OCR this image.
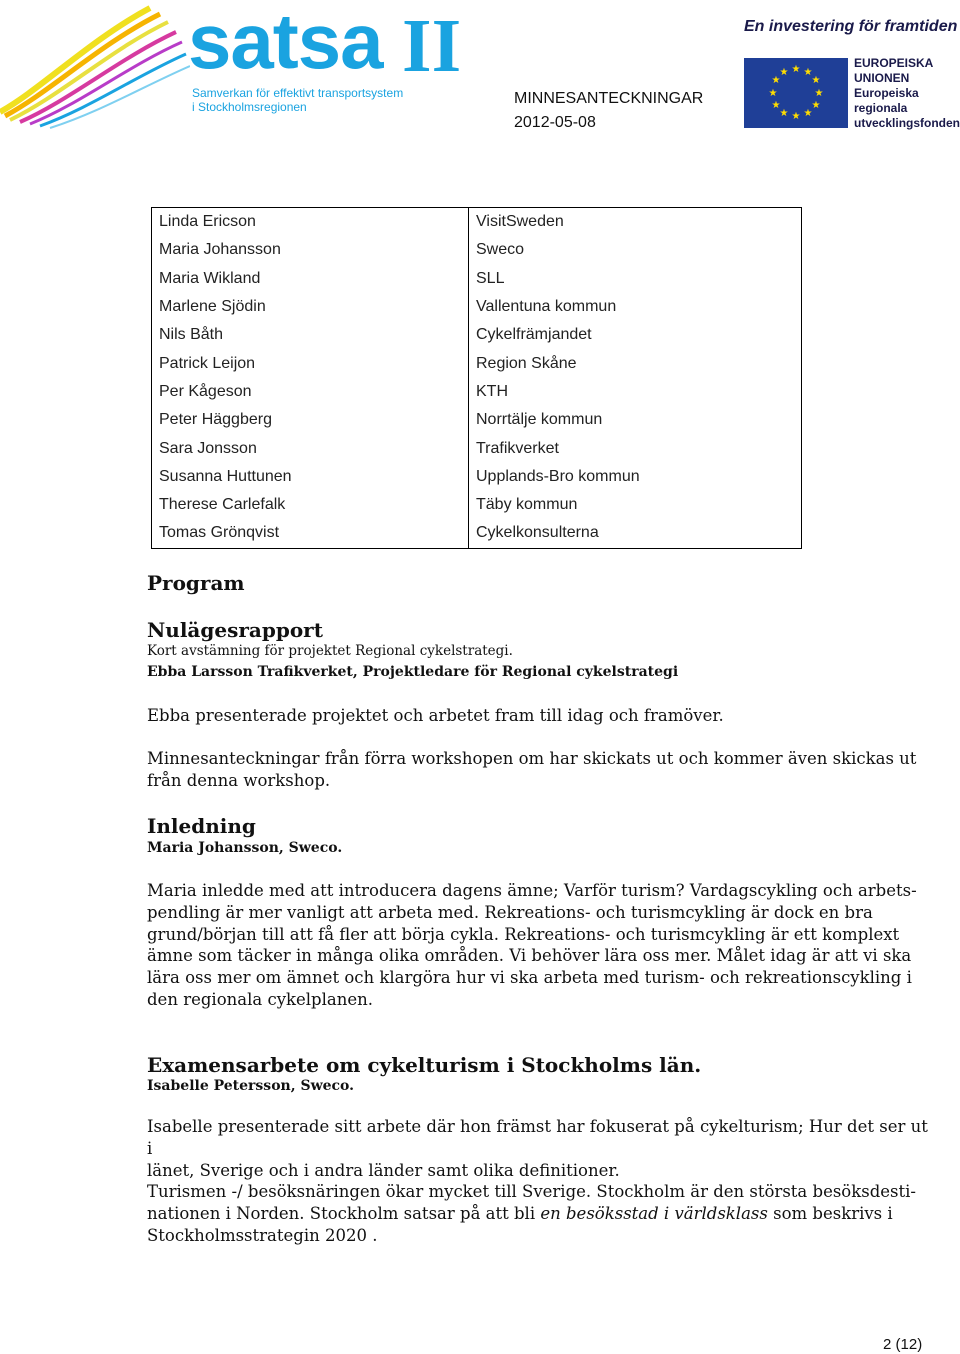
satsa II
Samverkan för effektivt transportsystem
i Stockholmsregionen
En investering för framtiden
★ ★
★
★
★
★
★
★
★
★
★
★
EUROPEISKA
UNIONEN
Europeiska
regionala
utvecklingsfonden
MINNESANTECKNINGAR
2012-05-08
Linda Ericson	VisitSweden
Maria Johansson	Sweco
Maria Wikland	SLL
Marlene Sjödin	Vallentuna kommun
Nils Båth	Cykelfrämjandet
Patrick Leijon	Region Skåne
Per Kågeson	KTH
Peter Häggberg	Norrtälje kommun
Sara Jonsson	Trafikverket
Susanna Huttunen	Upplands-Bro kommun
Therese Carlefalk	Täby kommun
Tomas Grönqvist	Cykelkonsulterna
Program
Nulägesrapport
Kort avstämning för projektet Regional cykelstrategi.
Ebba Larsson Trafikverket, Projektledare för Regional cykelstrategi
Ebba presenterade projektet och arbetet fram till idag och framöver.
Minnesanteckningar från förra workshopen om har skickats ut och kommer även skickas ut
från denna workshop.
Inledning
Maria Johansson, Sweco.
Maria inledde med att introducera dagens ämne; Varför turism? Vardagscykling och arbets-
pendling är mer vanligt att arbeta med. Rekreations- och turismcykling är dock en bra
grund/början till att få fler att börja cykla. Rekreations- och turismcykling är ett komplext
ämne som täcker in många olika områden. Vi behöver lära oss mer. Målet idag är att vi ska
lära oss mer om ämnet och klargöra hur vi ska arbeta med turism- och rekreationscykling i
den regionala cykelplanen.
Examensarbete om cykelturism i Stockholms län.
Isabelle Petersson, Sweco.
Isabelle presenterade sitt arbete där hon främst har fokuserat på cykelturism; Hur det ser ut i
länet, Sverige och i andra länder samt olika definitioner.
Turismen -/ besöksnäringen ökar mycket till Sverige. Stockholm är den största besöksdesti-
nationen i Norden. Stockholm satsar på att bli en besöksstad i världsklass som beskrivs i
Stockholmsstrategin 2020 .
2 (12)
